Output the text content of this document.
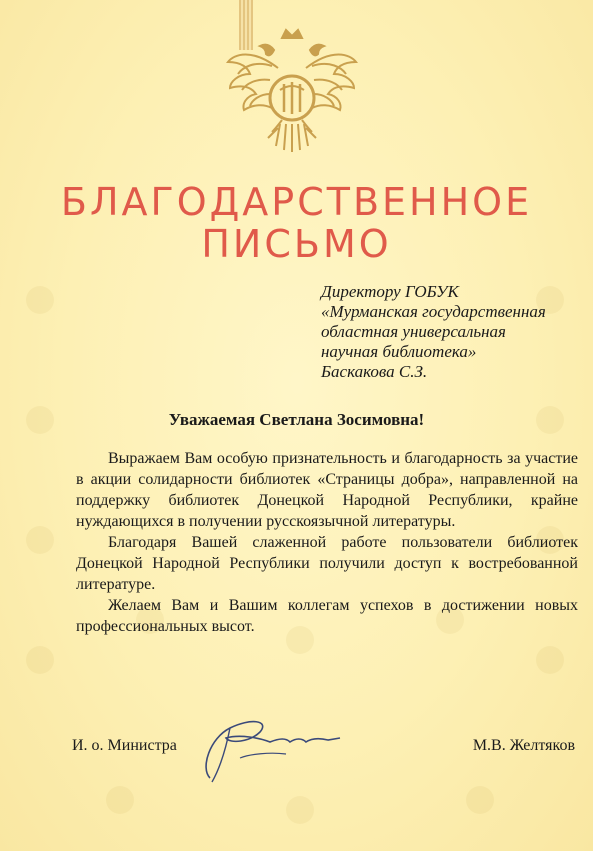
БЛАГОДАРСТВЕННОЕ
ПИСЬМО
Директору ГОБУК
«Мурманская государственная
областная универсальная
научная библиотека»
Баскакова С.З.
Уважаемая Светлана Зосимовна!

Выражаем Вам особую признательность и благодарность за участие в акции солидарности библиотек «Страницы добра», направленной на поддержку библиотек Донецкой Народной Республики, крайне нуждающихся в получении русскоязычной литературы.

Благодаря Вашей слаженной работе пользователи библиотек Донецкой Народной Республики получили доступ к востребованной литературе.

Желаем Вам и Вашим коллегам успехов в достижении новых профессиональных высот.

И. о. Министра	М.В. Желтяков
